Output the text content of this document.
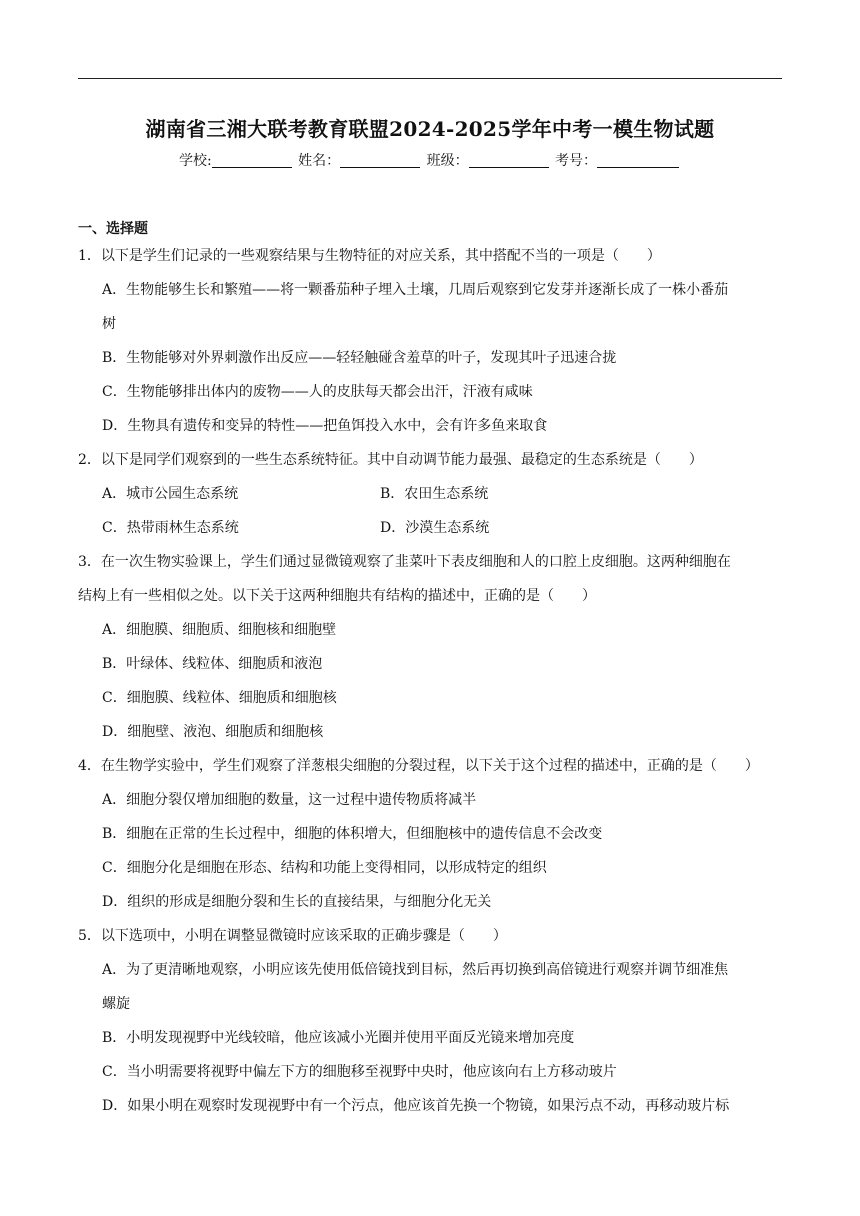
湖南省三湘大联考教育联盟2024-2025学年中考一模生物试题
学校:	姓名：	班级：	考号：
一、选择题
1．以下是学生们记录的一些观察结果与生物特征的对应关系，其中搭配不当的一项是（　　）
A．生物能够生长和繁殖——将一颗番茄种子埋入土壤，几周后观察到它发芽并逐渐长成了一株小番茄
树
B．生物能够对外界刺激作出反应——轻轻触碰含羞草的叶子，发现其叶子迅速合拢
C．生物能够排出体内的废物——人的皮肤每天都会出汗，汗液有咸味
D．生物具有遗传和变异的特性——把鱼饵投入水中，会有许多鱼来取食
2．以下是同学们观察到的一些生态系统特征。其中自动调节能力最强、最稳定的生态系统是（　　）
A．城市公园生态系统	B．农田生态系统
C．热带雨林生态系统	D．沙漠生态系统
3．在一次生物实验课上，学生们通过显微镜观察了韭菜叶下表皮细胞和人的口腔上皮细胞。这两种细胞在
结构上有一些相似之处。以下关于这两种细胞共有结构的描述中，正确的是（　　）
A．细胞膜、细胞质、细胞核和细胞壁
B．叶绿体、线粒体、细胞质和液泡
C．细胞膜、线粒体、细胞质和细胞核
D．细胞壁、液泡、细胞质和细胞核
4．在生物学实验中，学生们观察了洋葱根尖细胞的分裂过程，以下关于这个过程的描述中，正确的是（　　）
A．细胞分裂仅增加细胞的数量，这一过程中遗传物质将减半
B．细胞在正常的生长过程中，细胞的体积增大，但细胞核中的遗传信息不会改变
C．细胞分化是细胞在形态、结构和功能上变得相同，以形成特定的组织
D．组织的形成是细胞分裂和生长的直接结果，与细胞分化无关
5．以下选项中，小明在调整显微镜时应该采取的正确步骤是（　　）
A．为了更清晰地观察，小明应该先使用低倍镜找到目标，然后再切换到高倍镜进行观察并调节细准焦
螺旋
B．小明发现视野中光线较暗，他应该减小光圈并使用平面反光镜来增加亮度
C．当小明需要将视野中偏左下方的细胞移至视野中央时，他应该向右上方移动玻片
D．如果小明在观察时发现视野中有一个污点，他应该首先换一个物镜，如果污点不动，再移动玻片标
